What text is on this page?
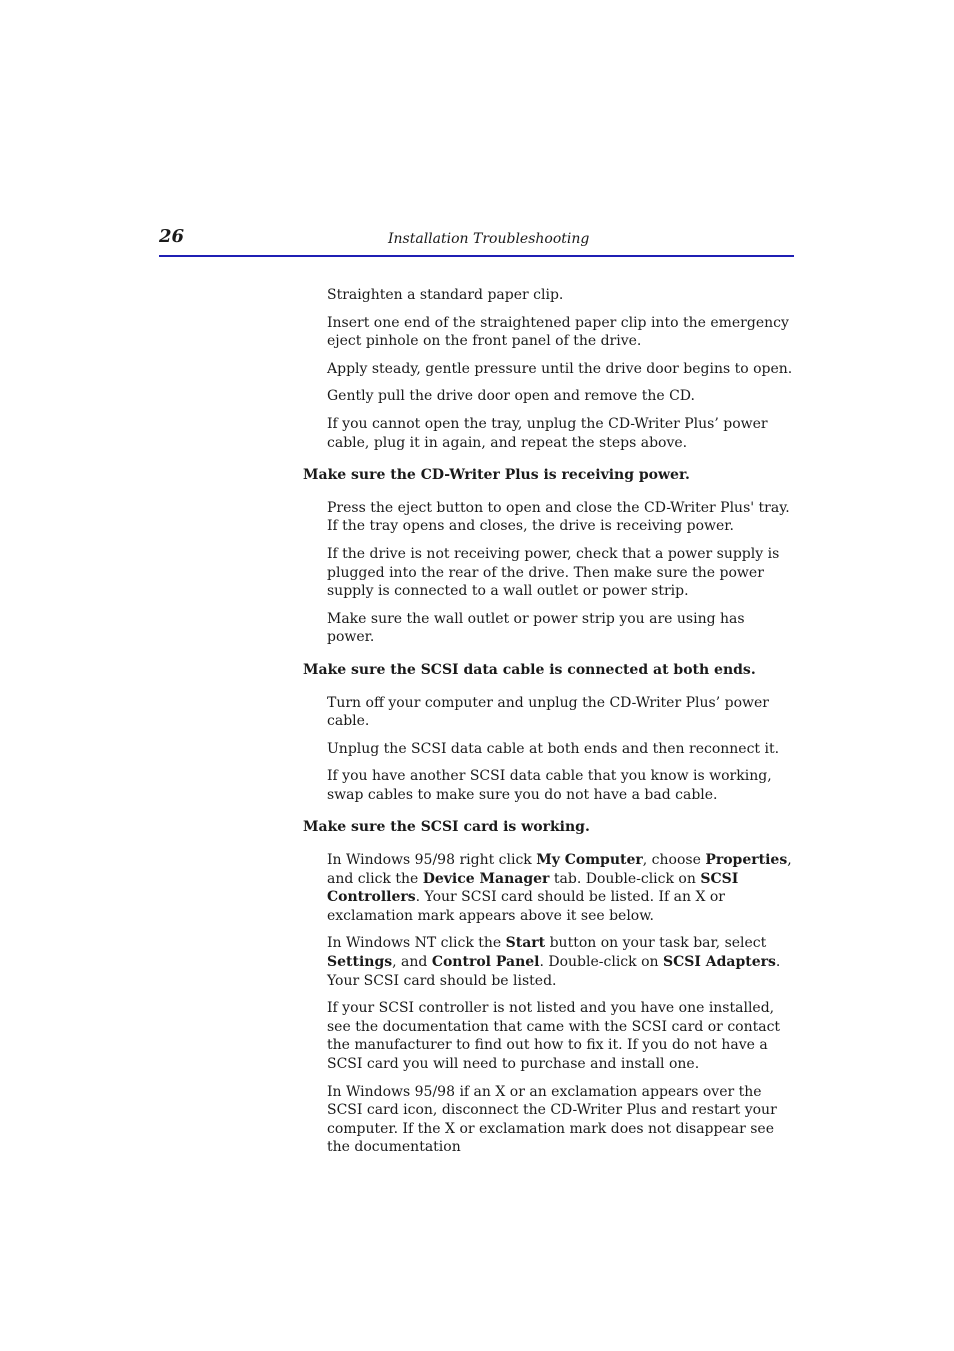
26	Installation Troubleshooting

Straighten a standard paper clip.

Insert one end of the straightened paper clip into the emergency eject pinhole on the front panel of the drive.

Apply steady, gentle pressure until the drive door begins to open.

Gently pull the drive door open and remove the CD.

If you cannot open the tray, unplug the CD-Writer Plus’ power cable, plug it in again, and repeat the steps above.

Make sure the CD-Writer Plus is receiving power.

Press the eject button to open and close the CD-Writer Plus' tray. If the tray opens and closes, the drive is receiving power.

If the drive is not receiving power, check that a power supply is plugged into the rear of the drive. Then make sure the power supply is connected to a wall outlet or power strip.

Make sure the wall outlet or power strip you are using has power.

Make sure the SCSI data cable is connected at both ends.

Turn off your computer and unplug the CD-Writer Plus’ power cable.

Unplug the SCSI data cable at both ends and then reconnect it.

If you have another SCSI data cable that you know is working, swap cables to make sure you do not have a bad cable.

Make sure the SCSI card is working.

In Windows 95/98 right click My Computer, choose Properties, and click the Device Manager tab. Double-click on SCSI Controllers. Your SCSI card should be listed. If an X or exclamation mark appears above it see below.

In Windows NT click the Start button on your task bar, select Settings, and Control Panel. Double-click on SCSI Adapters. Your SCSI card should be listed.

If your SCSI controller is not listed and you have one installed, see the documentation that came with the SCSI card or contact the manufacturer to find out how to fix it. If you do not have a SCSI card you will need to purchase and install one.

In Windows 95/98 if an X or an exclamation appears over the SCSI card icon, disconnect the CD-Writer Plus and restart your computer. If the X or exclamation mark does not disappear see the documentation
